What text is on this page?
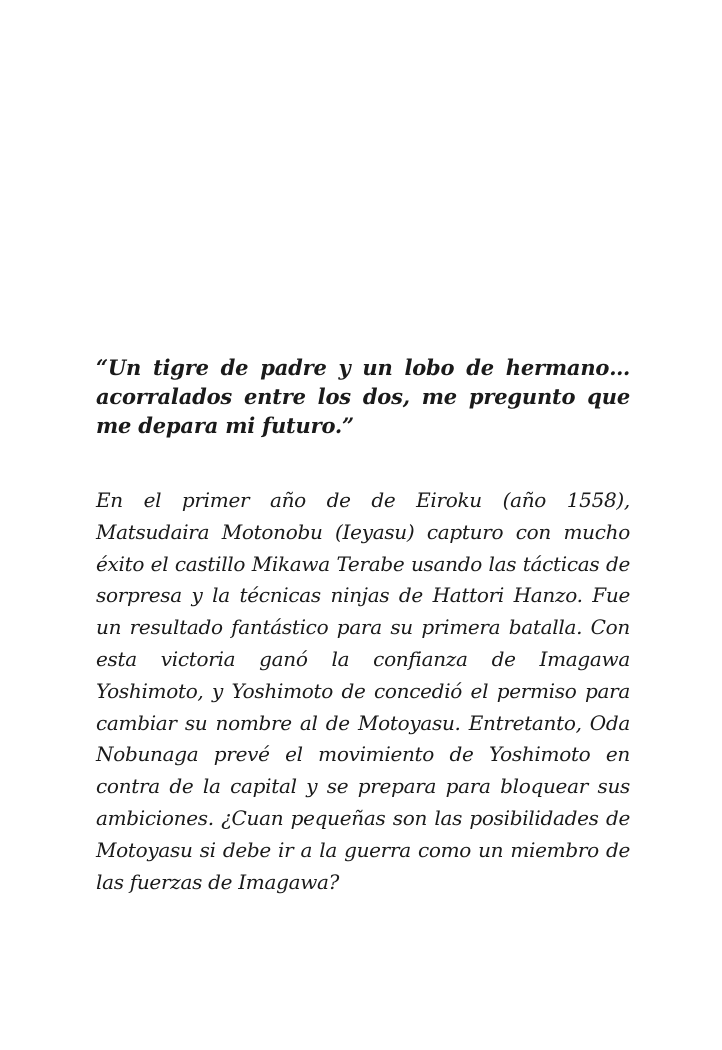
“Un tigre de padre y un lobo de hermano…acorralados entre los dos, me pregunto que me depara mi futuro.”

En el primer año de de Eiroku (año 1558), Matsudaira Motonobu (Ieyasu) capturo con mucho éxito el castillo Mikawa Terabe usando las tácticas de sorpresa y la técnicas ninjas de Hattori Hanzo. Fue un resultado fantástico para su primera batalla. Con esta victoria ganó la confianza de Imagawa Yoshimoto, y Yoshimoto de concedió el permiso para cambiar su nombre al de Motoyasu. Entretanto, Oda Nobunaga prevé el movimiento de Yoshimoto en contra de la capital y se prepara para bloquear sus ambiciones. ¿Cuan pequeñas son las posibilidades de Motoyasu si debe ir a la guerra como un miembro de las fuerzas de Imagawa?
